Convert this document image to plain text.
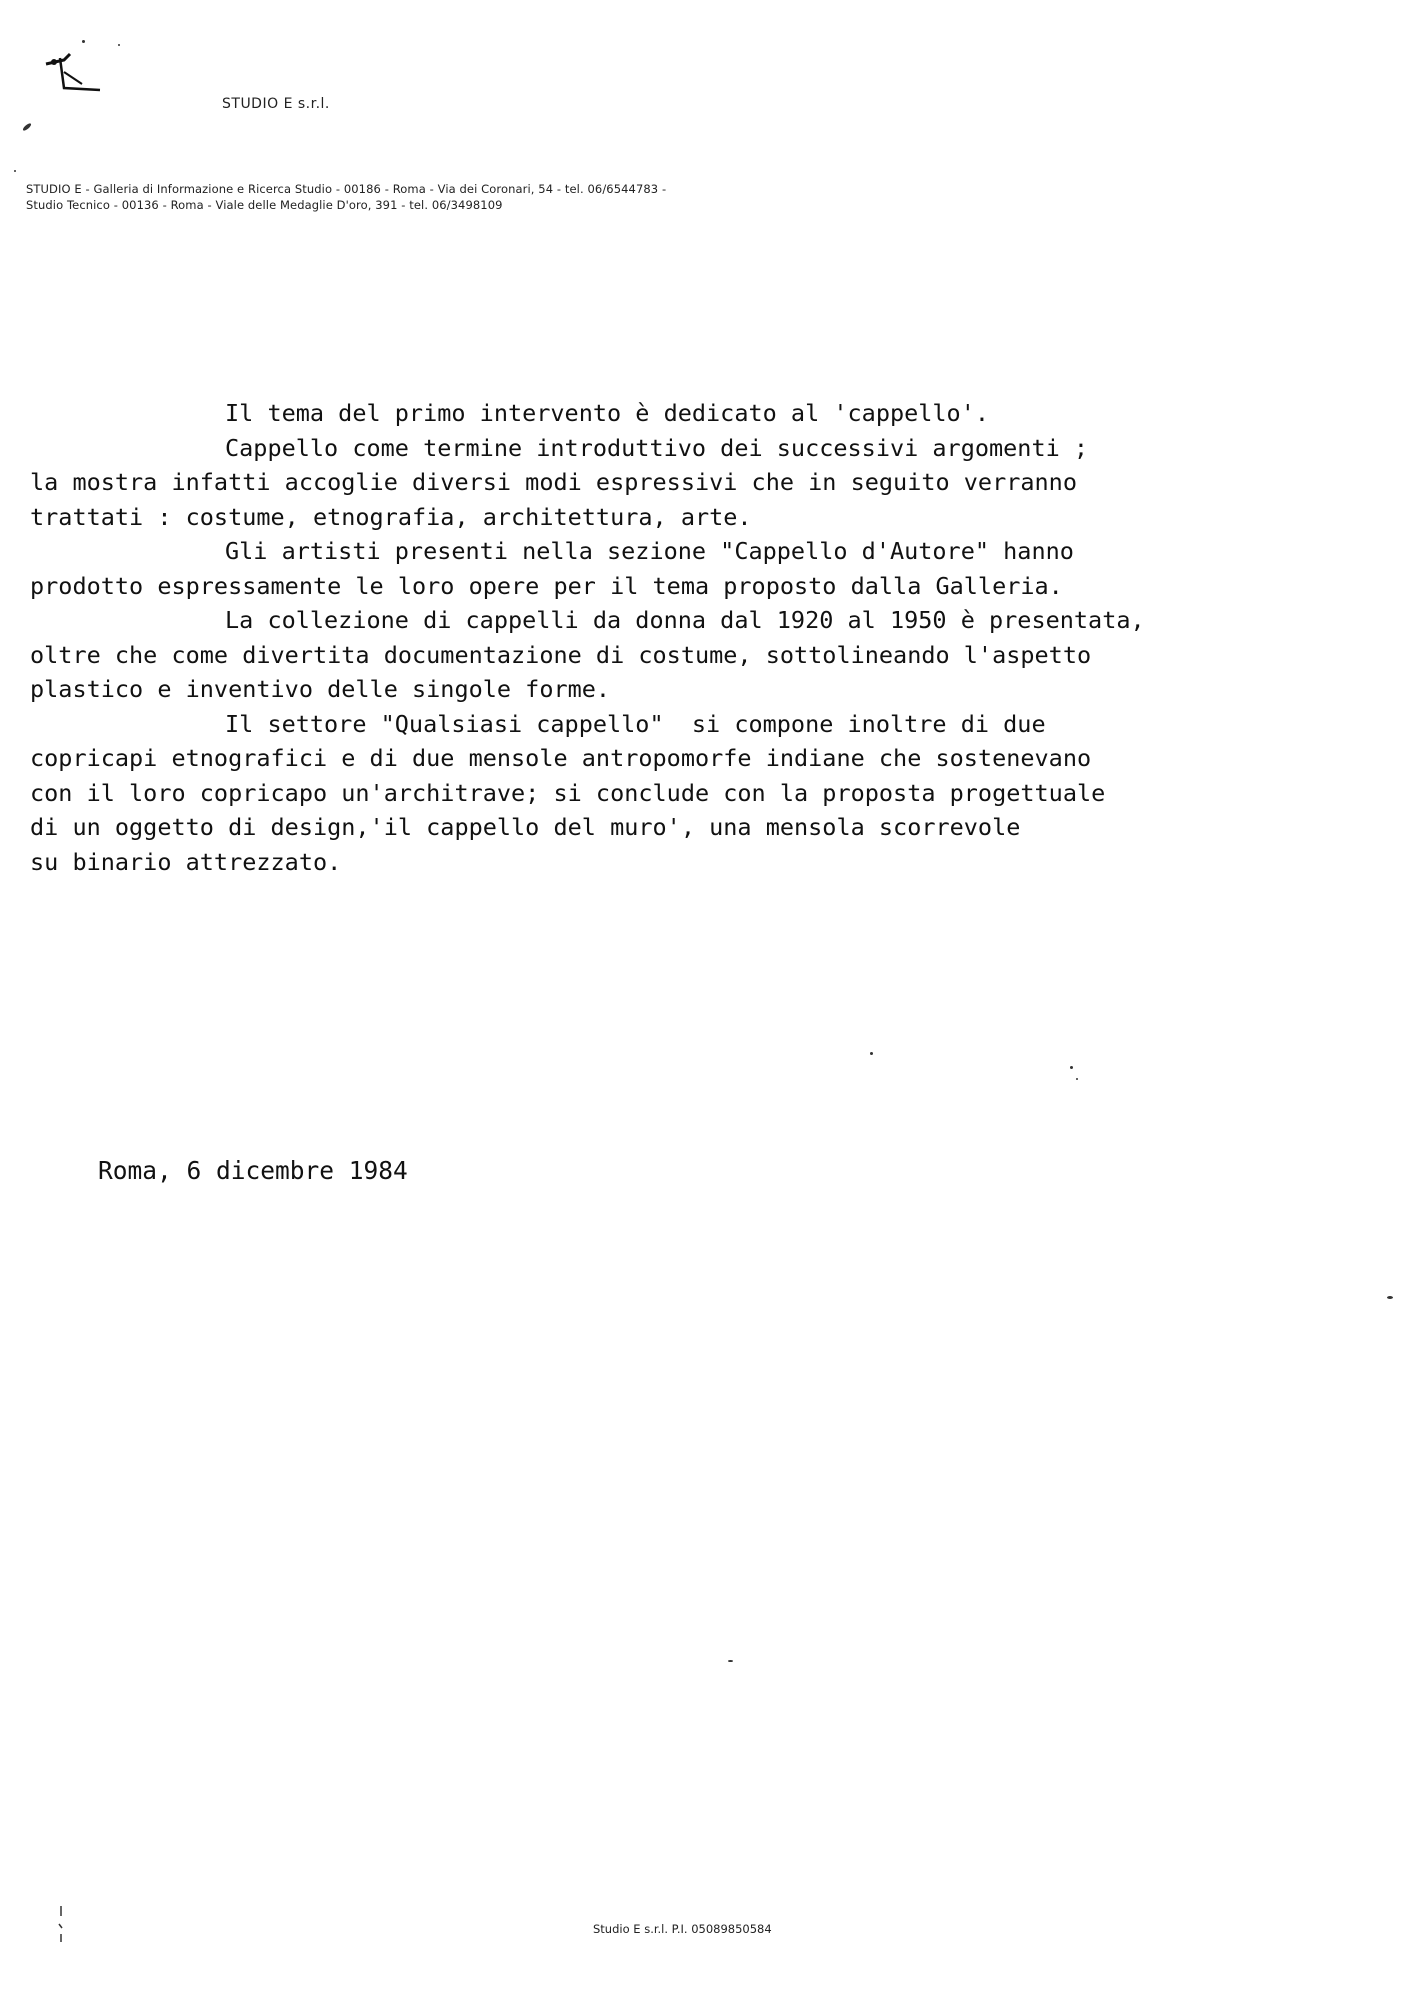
STUDIO E s.r.l.
STUDIO E - Galleria di Informazione e Ricerca Studio - 00186 - Roma - Via dei Coronari, 54 - tel. 06/6544783 -
Studio Tecnico - 00136 - Roma - Viale delle Medaglie D'oro, 391 - tel. 06/3498109
Il tema del primo intervento è dedicato al 'cappello'.
Cappello come termine introduttivo dei successivi argomenti ;
la mostra infatti accoglie diversi modi espressivi che in seguito verranno
trattati : costume, etnografia, architettura, arte.
Gli artisti presenti nella sezione "Cappello d'Autore" hanno
prodotto espressamente le loro opere per il tema proposto dalla Galleria.
La collezione di cappelli da donna dal 1920 al 1950 è presentata,
oltre che come divertita documentazione di costume, sottolineando l'aspetto
plastico e inventivo delle singole forme.
Il settore "Qualsiasi cappello"  si compone inoltre di due
copricapi etnografici e di due mensole antropomorfe indiane che sostenevano
con il loro copricapo un'architrave; si conclude con la proposta progettuale
di un oggetto di design,'il cappello del muro', una mensola scorrevole
su binario attrezzato.
Roma, 6 dicembre 1984
Studio E s.r.l. P.I. 05089850584
